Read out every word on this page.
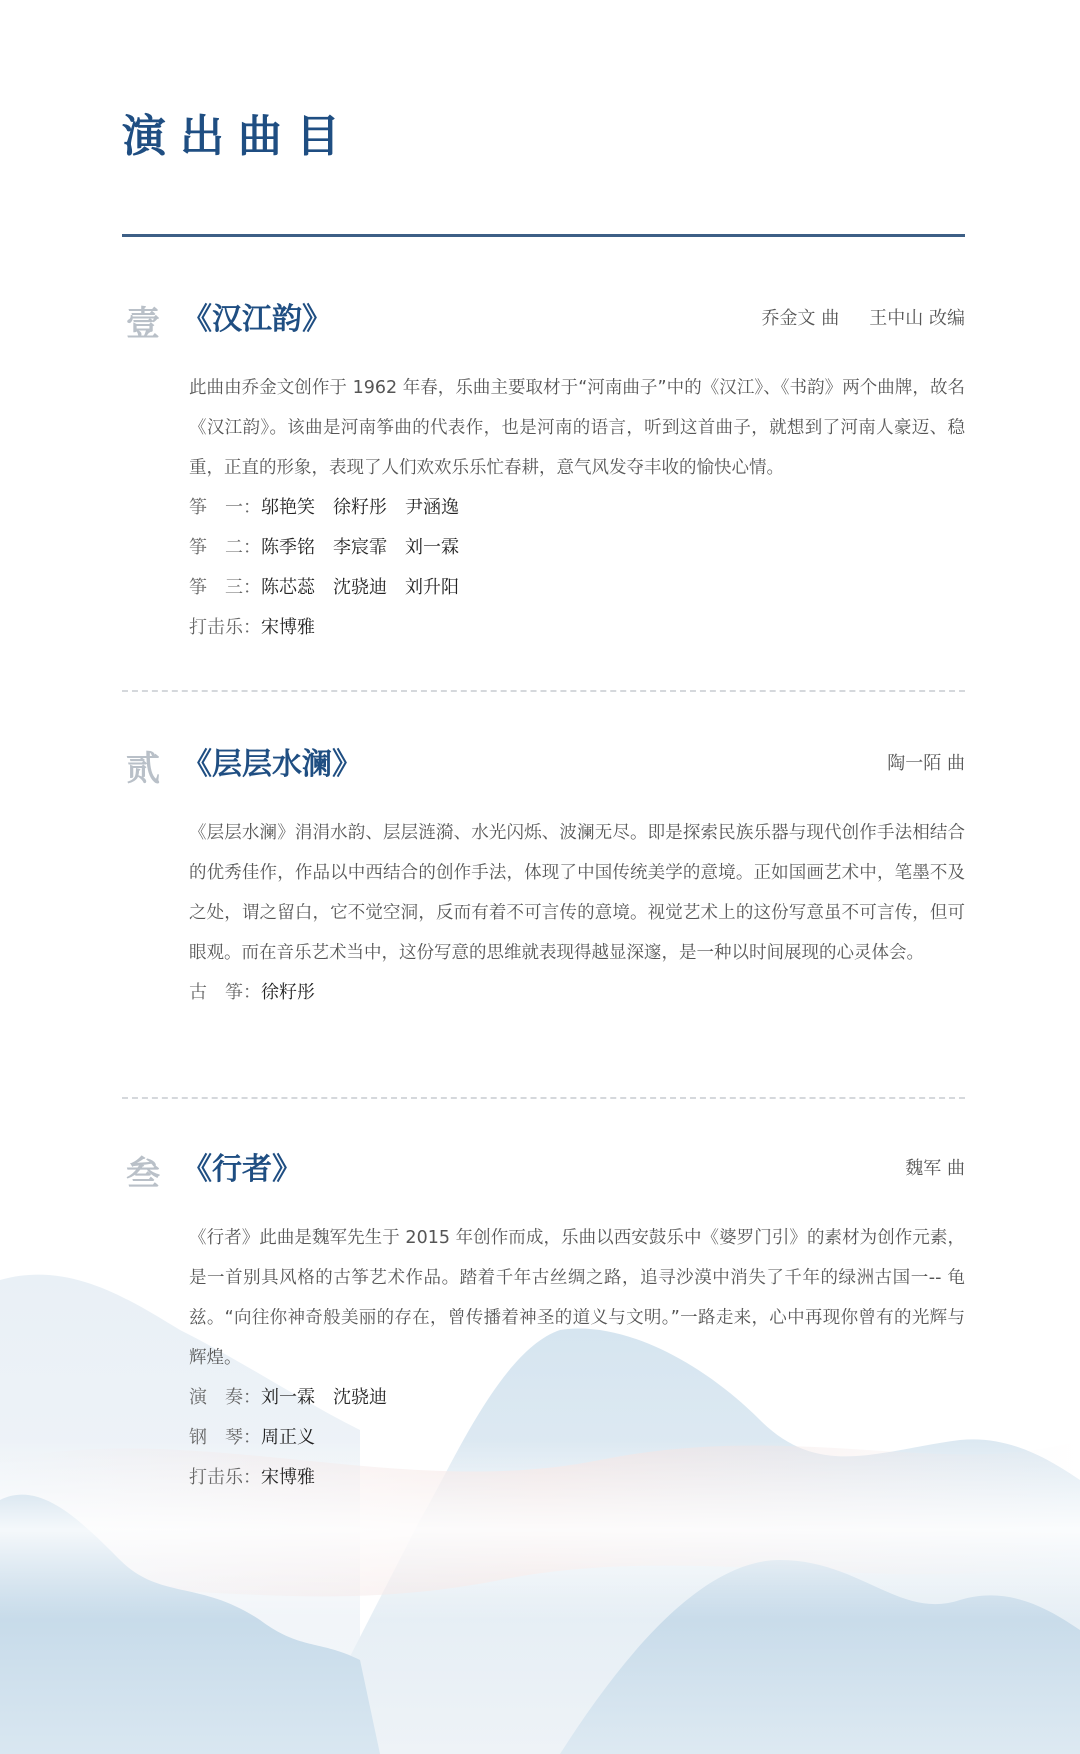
演出曲目
壹 《汉江韵》	乔金文 曲 王中山 改编

此曲由乔金文创作于 1962 年春，乐曲主要取材于“河南曲子”中的《汉江》、《书韵》两个曲牌，故名《汉江韵》。该曲是河南筝曲的代表作，也是河南的语言，听到这首曲子，就想到了河南人豪迈、稳重，正直的形象，表现了人们欢欢乐乐忙春耕，意气风发夺丰收的愉快心情。

筝　一：邬艳笑　徐籽彤　尹涵逸
筝　二：陈季铭　李宸霏　刘一霖
筝　三：陈芯蕊　沈骁迪　刘升阳
打击乐：宋博雅
贰 《层层水澜》	陶一陌 曲

《层层水澜》涓涓水韵、层层涟漪、水光闪烁、波澜无尽。即是探索民族乐器与现代创作手法相结合的优秀佳作，作品以中西结合的创作手法，体现了中国传统美学的意境。正如国画艺术中，笔墨不及之处，谓之留白，它不觉空洞，反而有着不可言传的意境。视觉艺术上的这份写意虽不可言传，但可眼观。而在音乐艺术当中，这份写意的思维就表现得越显深邃，是一种以时间展现的心灵体会。

古　筝：徐籽彤
叁 《行者》	魏军 曲

《行者》此曲是魏军先生于 2015 年创作而成，乐曲以西安鼓乐中《婆罗门引》的素材为创作元素，是一首别具风格的古筝艺术作品。踏着千年古丝绸之路，追寻沙漠中消失了千年的绿洲古国一-- 龟兹。“向往你神奇般美丽的存在，曾传播着神圣的道义与文明。”一路走来，心中再现你曾有的光辉与辉煌。

演　奏：刘一霖　沈骁迪
钢　琴：周正义
打击乐：宋博雅
